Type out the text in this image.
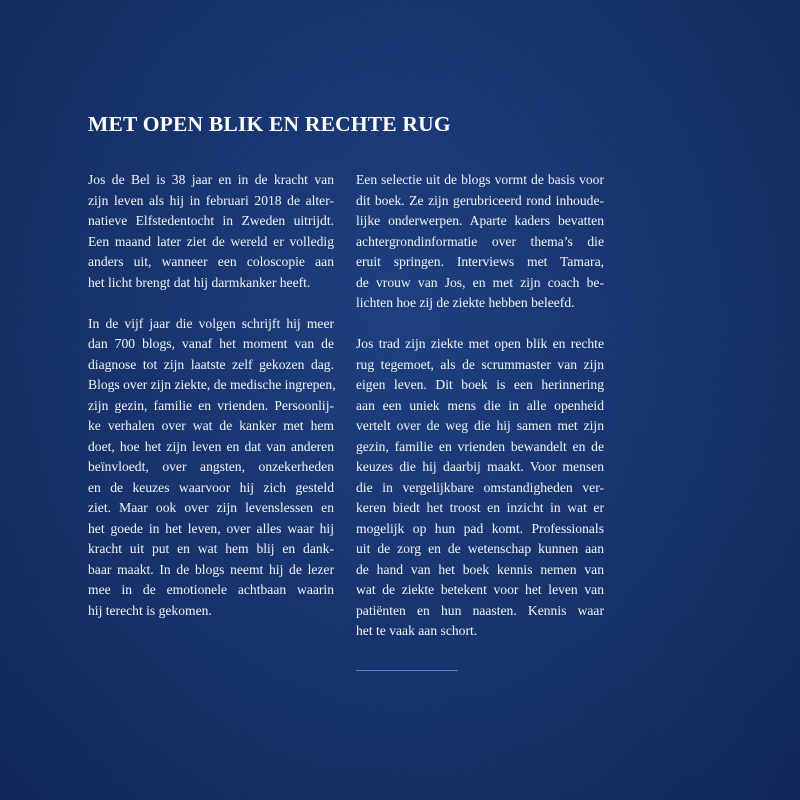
MET OPEN BLIK EN RECHTE RUG

Jos de Bel is 38 jaar en in de kracht van
zijn leven als hij in februari 2018 de alter-
natieve Elfstedentocht in Zweden uitrijdt.
Een maand later ziet de wereld er volledig
anders uit, wanneer een coloscopie aan
het licht brengt dat hij darmkanker heeft.

In de vijf jaar die volgen schrijft hij meer
dan 700 blogs, vanaf het moment van de
diagnose tot zijn laatste zelf gekozen dag.
Blogs over zijn ziekte, de medische ingrepen,
zijn gezin, familie en vrienden. Persoonlij-
ke verhalen over wat de kanker met hem
doet, hoe het zijn leven en dat van anderen
beïnvloedt, over angsten, onzekerheden
en de keuzes waarvoor hij zich gesteld
ziet. Maar ook over zijn levenslessen en
het goede in het leven, over alles waar hij
kracht uit put en wat hem blij en dank-
baar maakt. In de blogs neemt hij de lezer
mee in de emotionele achtbaan waarin
hij terecht is gekomen.

Een selectie uit de blogs vormt de basis voor
dit boek. Ze zijn gerubriceerd rond inhoude-
lijke onderwerpen. Aparte kaders bevatten
achtergrondinformatie over thema’s die
eruit springen. Interviews met Tamara,
de vrouw van Jos, en met zijn coach be-
lichten hoe zij de ziekte hebben beleefd.

Jos trad zijn ziekte met open blik en rechte
rug tegemoet, als de scrummaster van zijn
eigen leven. Dit boek is een herinnering
aan een uniek mens die in alle openheid
vertelt over de weg die hij samen met zijn
gezin, familie en vrienden bewandelt en de
keuzes die hij daarbij maakt. Voor mensen
die in vergelijkbare omstandigheden ver-
keren biedt het troost en inzicht in wat er
mogelijk op hun pad komt. Professionals
uit de zorg en de wetenschap kunnen aan
de hand van het boek kennis nemen van
wat de ziekte betekent voor het leven van
patiënten en hun naasten. Kennis waar
het te vaak aan schort.
